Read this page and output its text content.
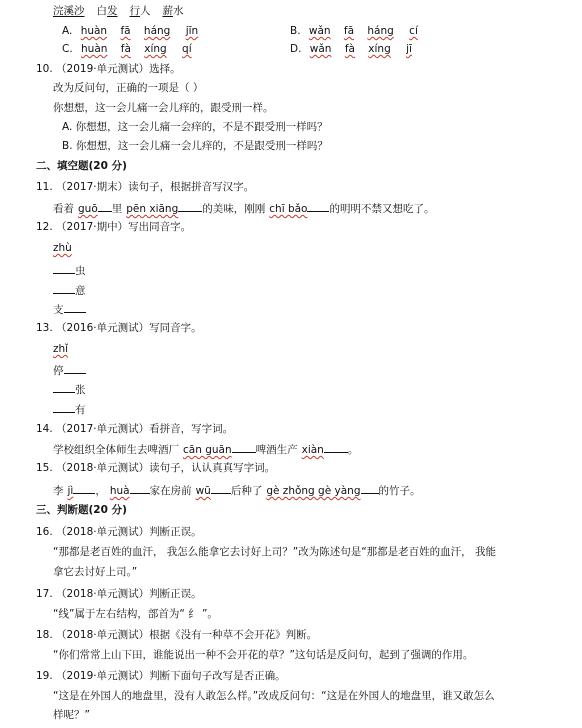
浣溪沙 白发 行人 薪水
A. huàn fā háng jīn	B. wǎn fā háng cí
C. huàn fà xíng qí	D. wǎn fà xíng jī
10. （2019·单元测试）选择。
改为反问句，正确的一项是（ ）
你想想，这一会儿痛一会儿痒的，跟受刑一样。
A. 你想想，这一会儿痛一会痒的，不是不跟受刑一样吗？
B. 你想想，这一会儿痛一会儿痒的，不是跟受刑一样吗？
二、填空题(20 分)
11. （2017·期末）读句子，根据拼音写汉字。
看着 guō 里 pēn xiāng 的美味，刚刚 chī bǎo 的明明不禁又想吃了。
12. （2017·期中）写出同音字。
zhù
虫
意
支
13. （2016·单元测试）写同音字。
zhǐ
停
张
有
14. （2017·单元测试）看拼音，写字词。
学校组织全体师生去啤酒厂 cān guān 啤酒生产 xiàn 。
15. （2018·单元测试）读句子，认认真真写字词。
李 jì ， huà 家在房前 wū 后种了 gè zhǒng gè yàng 的竹子。
三、判断题(20 分)
16. （2018·单元测试）判断正误。
“那都是老百姓的血汗， 我怎么能拿它去讨好上司？”改为陈述句是“那都是老百姓的血汗， 我能
拿它去讨好上司。”
17. （2018·单元测试）判断正误。
“线”属于左右结构，部首为“ 纟 ”。
18. （2018·单元测试）根据《没有一种草不会开花》判断。
“你们常常上山下田，谁能说出一种不会开花的草？”这句话是反问句，起到了强调的作用。
19. （2019·单元测试）判断下面句子改写是否正确。
“这是在外国人的地盘里，没有人敢怎么样。”改成反问句：“这是在外国人的地盘里，谁又敢怎么
样呢？”
